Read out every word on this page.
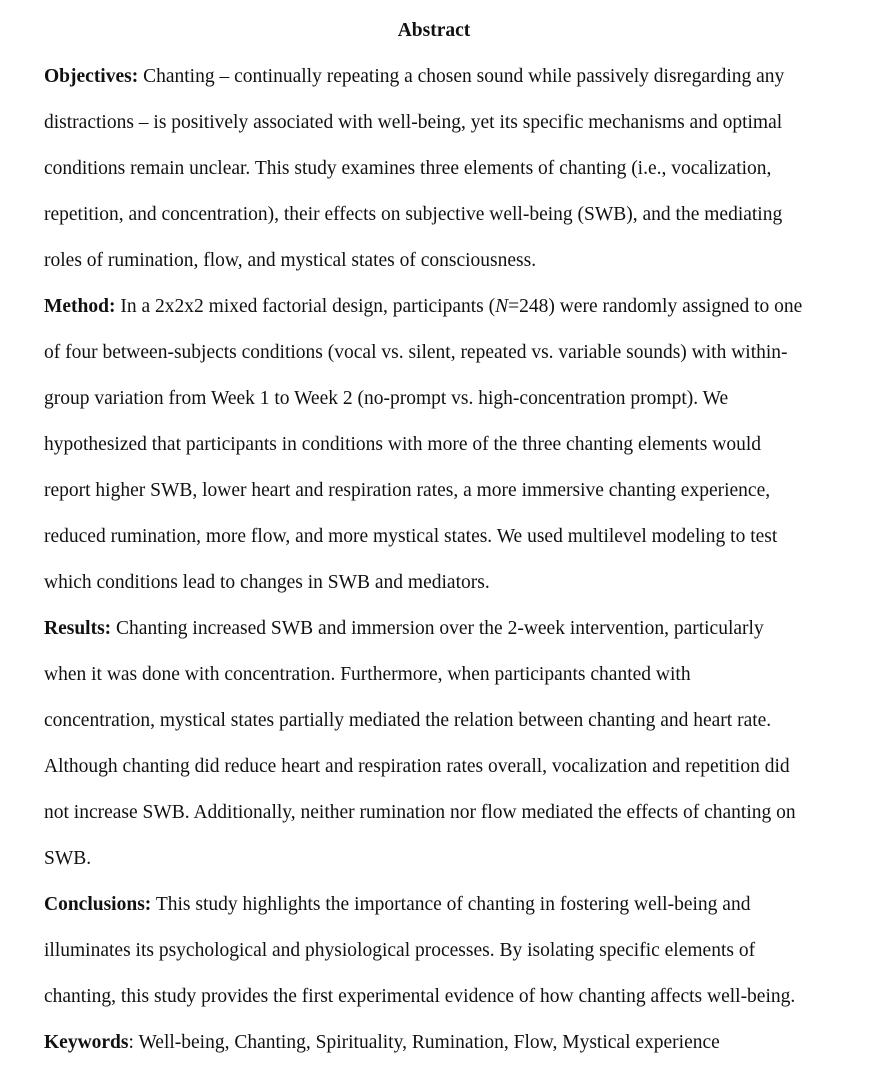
Abstract
Objectives: Chanting – continually repeating a chosen sound while passively disregarding any
distractions – is positively associated with well-being, yet its specific mechanisms and optimal
conditions remain unclear. This study examines three elements of chanting (i.e., vocalization,
repetition, and concentration), their effects on subjective well-being (SWB), and the mediating
roles of rumination, flow, and mystical states of consciousness.
Method: In a 2x2x2 mixed factorial design, participants (N=248) were randomly assigned to one
of four between-subjects conditions (vocal vs. silent, repeated vs. variable sounds) with within-
group variation from Week 1 to Week 2 (no-prompt vs. high-concentration prompt). We
hypothesized that participants in conditions with more of the three chanting elements would
report higher SWB, lower heart and respiration rates, a more immersive chanting experience,
reduced rumination, more flow, and more mystical states. We used multilevel modeling to test
which conditions lead to changes in SWB and mediators.
Results: Chanting increased SWB and immersion over the 2-week intervention, particularly
when it was done with concentration. Furthermore, when participants chanted with
concentration, mystical states partially mediated the relation between chanting and heart rate.
Although chanting did reduce heart and respiration rates overall, vocalization and repetition did
not increase SWB. Additionally, neither rumination nor flow mediated the effects of chanting on
SWB.
Conclusions: This study highlights the importance of chanting in fostering well-being and
illuminates its psychological and physiological processes. By isolating specific elements of
chanting, this study provides the first experimental evidence of how chanting affects well-being.
Keywords: Well-being, Chanting, Spirituality, Rumination, Flow, Mystical experience
